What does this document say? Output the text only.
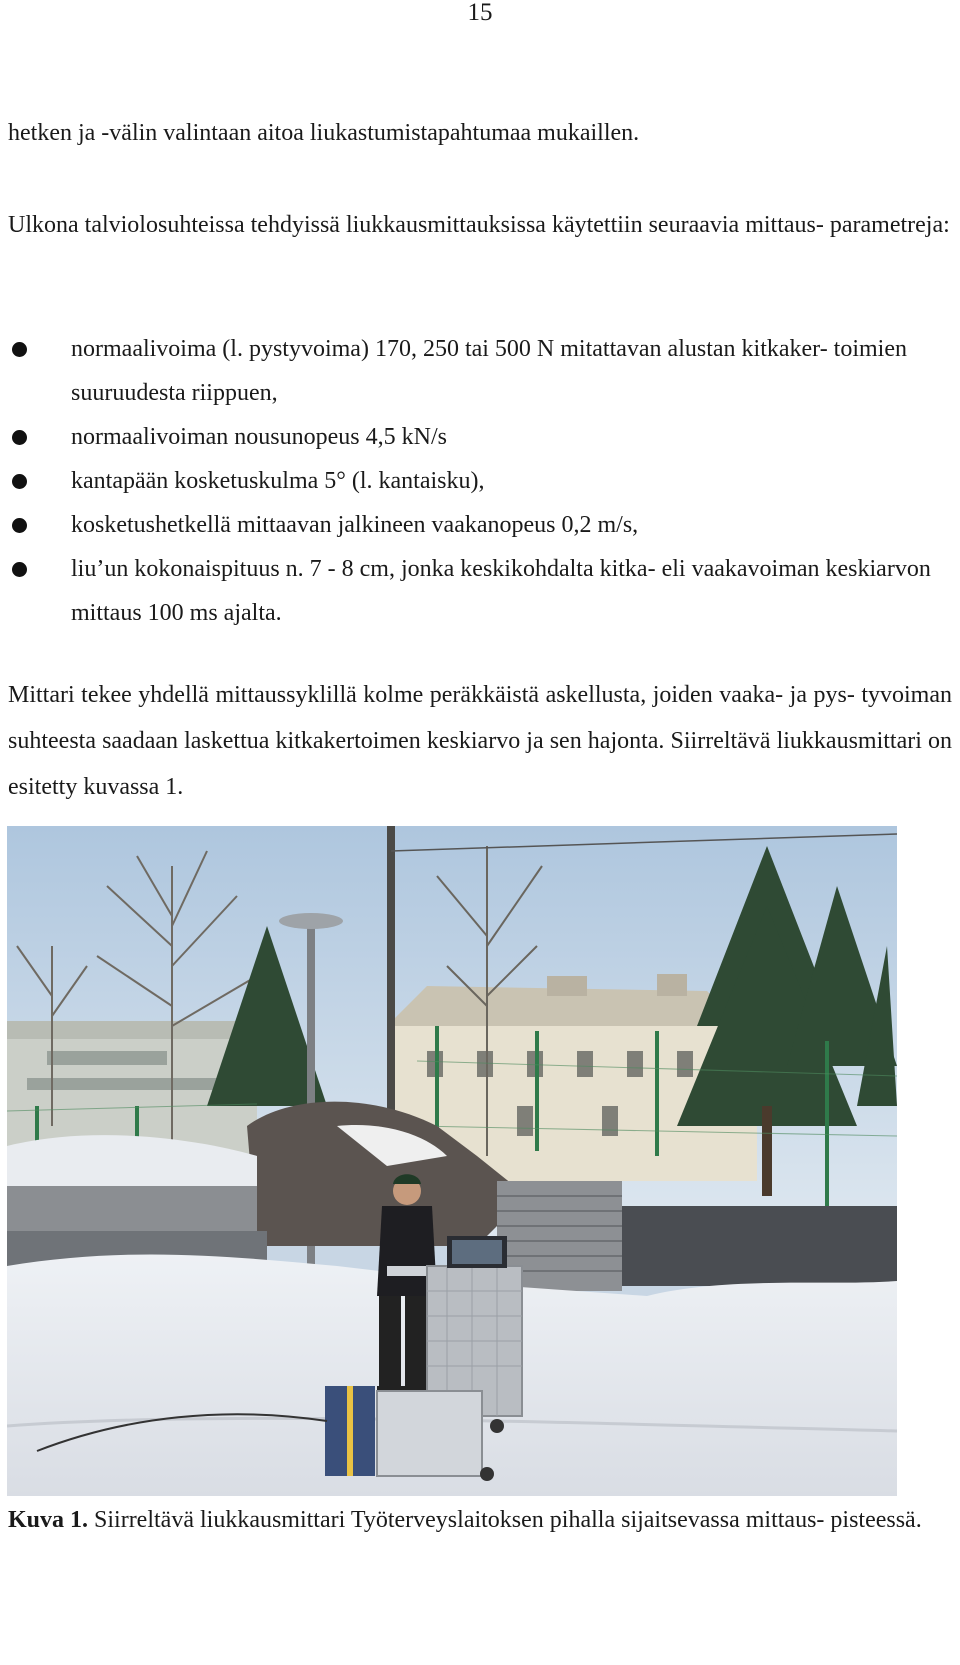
15

hetken ja -välin valintaan aitoa liukastumistapahtumaa mukaillen.

Ulkona talviolosuhteissa tehdyissä liukkausmittauksissa käytettiin seuraavia mittaus- parametreja:

normaalivoima (l. pystyvoima) 170, 250 tai 500 N mitattavan alustan kitkaker- toimien suuruudesta riippuen,
normaalivoiman nousunopeus 4,5 kN/s
kantapään kosketuskulma 5° (l. kantaisku),
kosketushetkellä mittaavan jalkineen vaakanopeus 0,2 m/s,
liu’un kokonaispituus n. 7 - 8 cm, jonka keskikohdalta kitka- eli vaakavoiman keskiarvon mittaus 100 ms ajalta.

Mittari tekee yhdellä mittaussyklillä kolme peräkkäistä askellusta, joiden vaaka- ja pys- tyvoiman suhteesta saadaan laskettua kitkakertoimen keskiarvo ja sen hajonta. Siirreltävä liukkausmittari on esitetty kuvassa 1.

Kuva 1. Siirreltävä liukkausmittari Työterveyslaitoksen pihalla sijaitsevassa mittaus- pisteessä.
